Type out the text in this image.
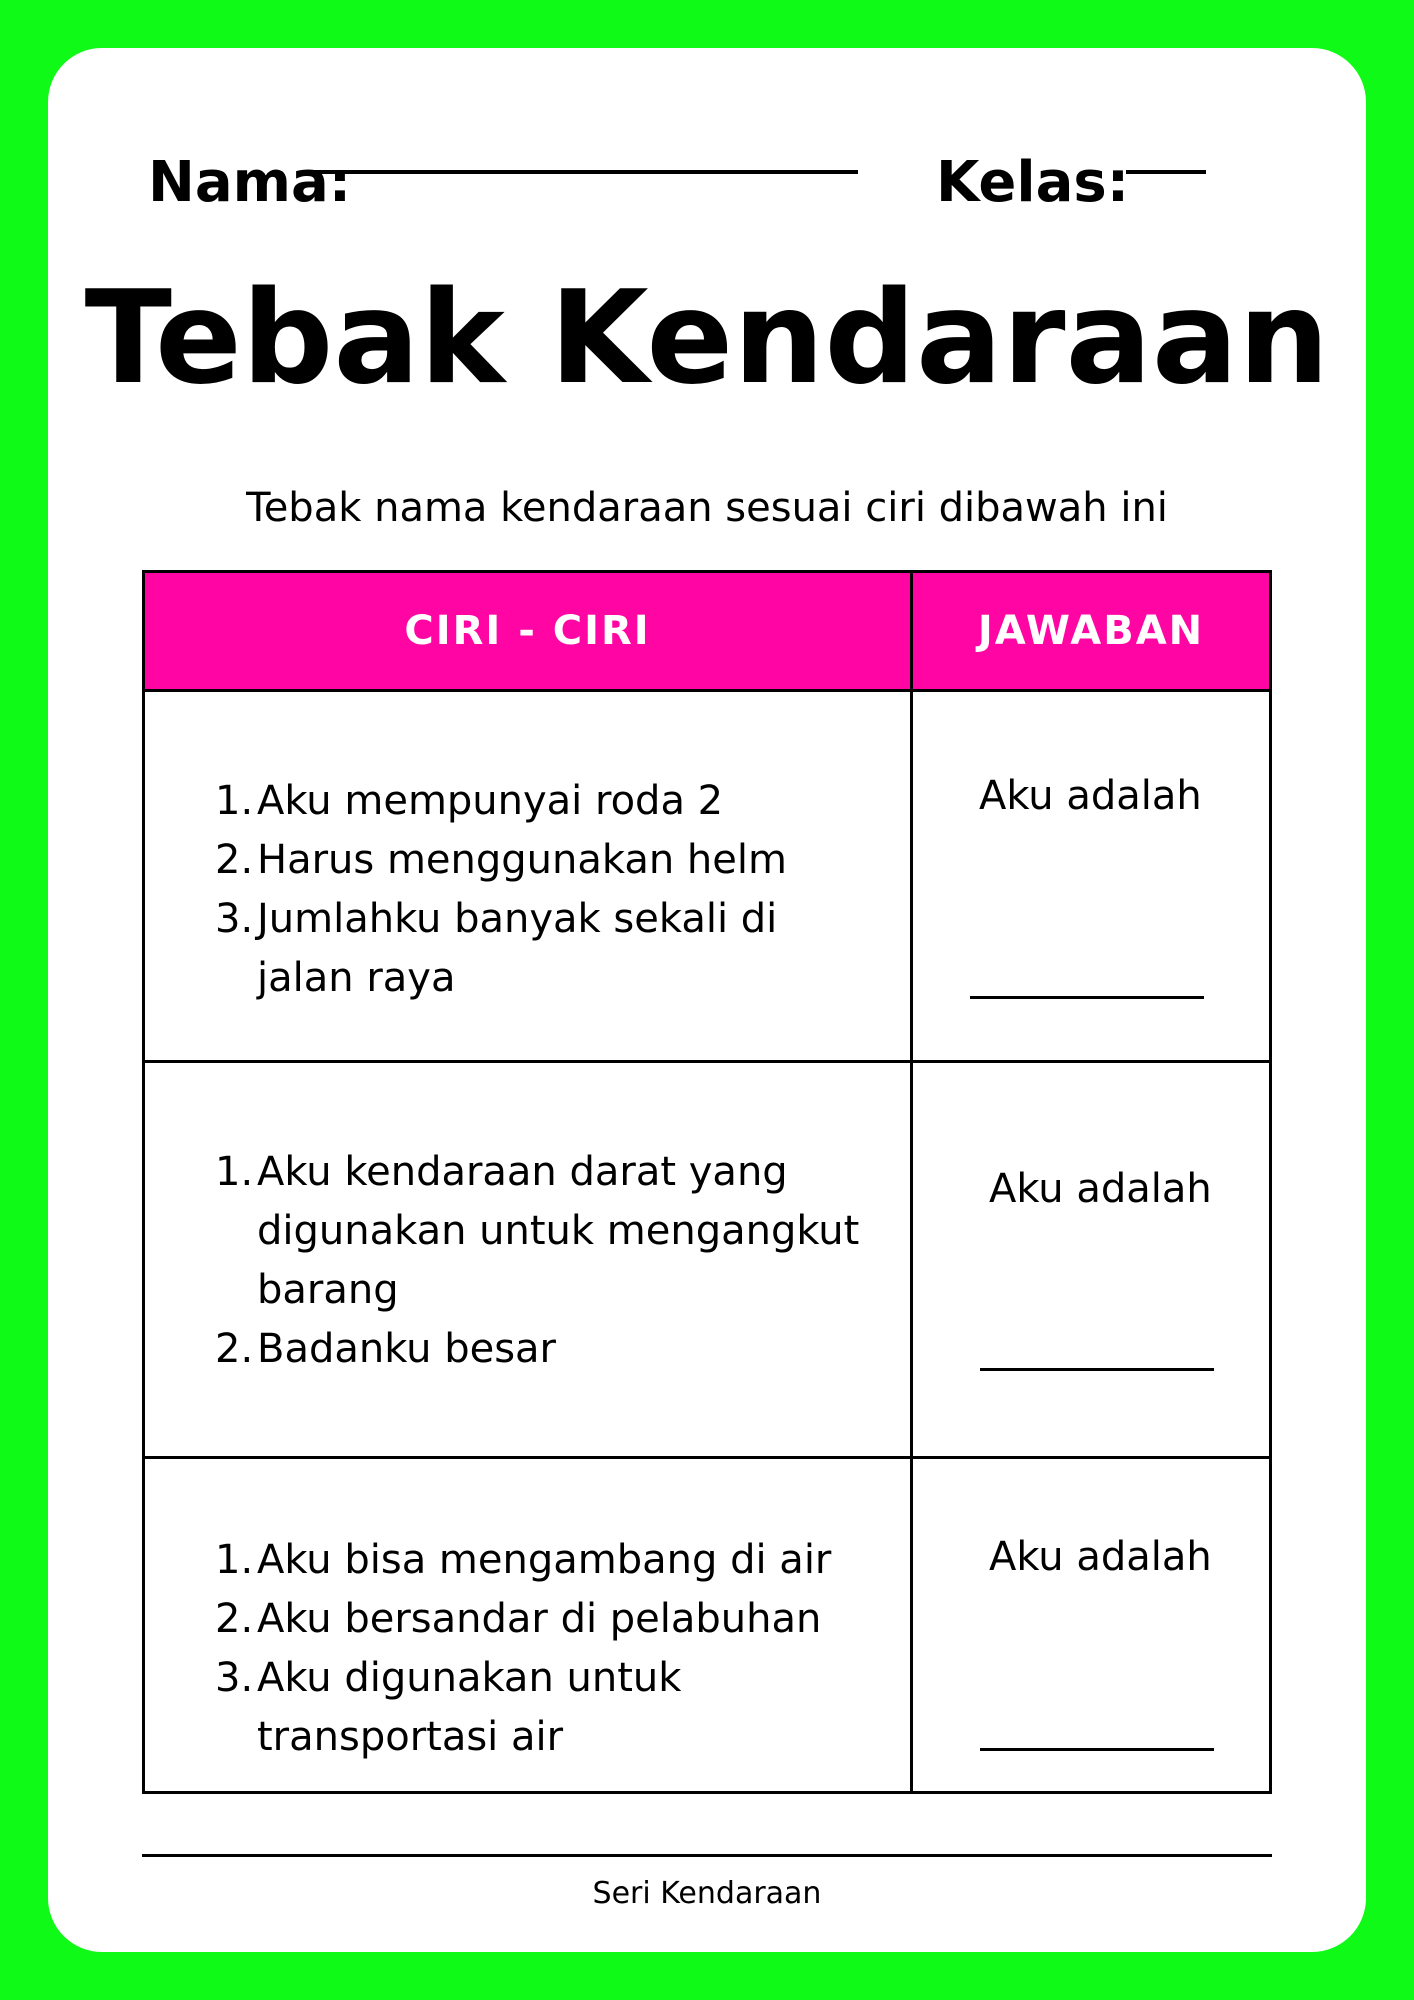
Nama:	Kelas:
Tebak Kendaraan
Tebak nama kendaraan sesuai ciri dibawah ini
CIRI - CIRI	JAWABAN
1. Aku mempunyai roda 2
2. Harus menggunakan helm
3. Jumlahku banyak sekali di jalan raya
Aku adalah
1. Aku kendaraan darat yang digunakan untuk mengangkut barang
2. Badanku besar
Aku adalah
1. Aku bisa mengambang di air
2. Aku bersandar di pelabuhan
3. Aku digunakan untuk transportasi air
Aku adalah
Seri Kendaraan
